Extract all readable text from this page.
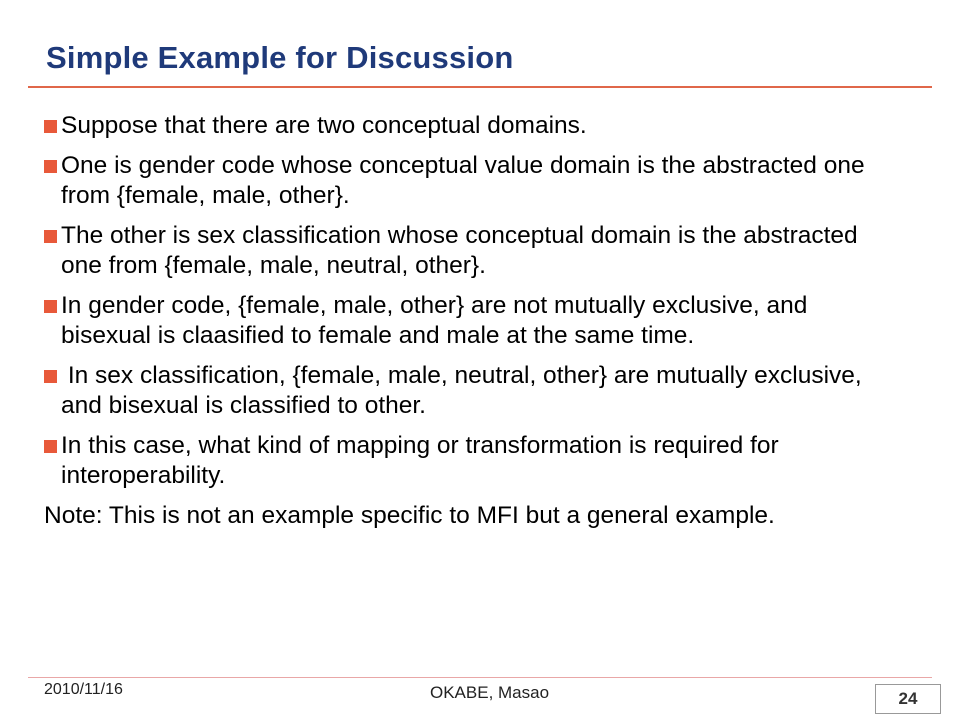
Simple Example for Discussion
Suppose that there are two conceptual domains.
One is gender code whose conceptual value domain is the abstracted one from {female, male, other}.
The other is sex classification whose conceptual domain is the abstracted one from {female, male, neutral, other}.
In gender code, {female, male, other} are not mutually exclusive, and bisexual is claasified to female and male at the same time.
In sex classification, {female, male, neutral, other} are mutually exclusive, and bisexual is classified to other.
In this case, what kind of mapping or transformation is required for interoperability.

Note: This is not an example specific to MFI but a general example.

2010/11/16	OKABE, Masao	24
